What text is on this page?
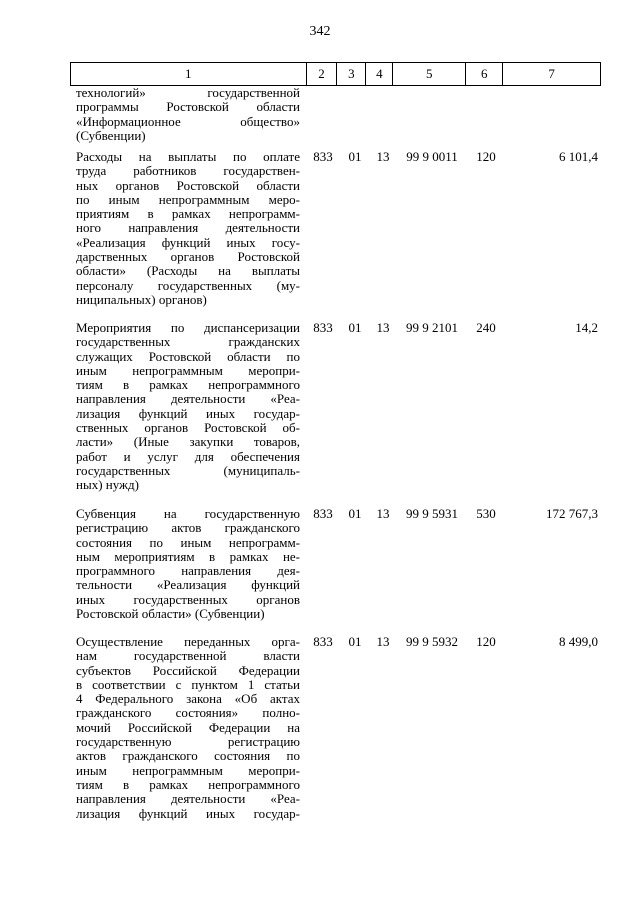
342
1	2	3	4	5	6	7
технологий» государственной
программы Ростовской области
«Информационное общество»
(Субвенции)
Расходы на выплаты по оплате
труда работников государствен-
ных органов Ростовской области
по иным непрограммным меро-
приятиям в рамках непрограмм-
ного направления деятельности
«Реализация функций иных госу-
дарственных органов Ростовской
области» (Расходы на выплаты
персоналу государственных (му-
ниципальных) органов)
833	01	13	99 9 0011	120	6 101,4
Мероприятия по диспансеризации
государственных гражданских
служащих Ростовской области по
иным непрограммным меропри-
тиям в рамках непрограммного
направления деятельности «Реа-
лизация функций иных государ-
ственных органов Ростовской об-
ласти» (Иные закупки товаров,
работ и услуг для обеспечения
государственных (муниципаль-
ных) нужд)
833	01	13	99 9 2101	240	14,2
Субвенция на государственную
регистрацию актов гражданского
состояния по иным непрограмм-
ным мероприятиям в рамках не-
программного направления дея-
тельности «Реализация функций
иных государственных органов
Ростовской области» (Субвенции)
833	01	13	99 9 5931	530	172 767,3
Осуществление переданных орга-
нам государственной власти
субъектов Российской Федерации
в соответствии с пунктом 1 статьи
4 Федерального закона «Об актах
гражданского состояния» полно-
мочий Российской Федерации на
государственную регистрацию
актов гражданского состояния по
иным непрограммным меропри-
тиям в рамках непрограммного
направления деятельности «Реа-
лизация функций иных государ-
833	01	13	99 9 5932	120	8 499,0
